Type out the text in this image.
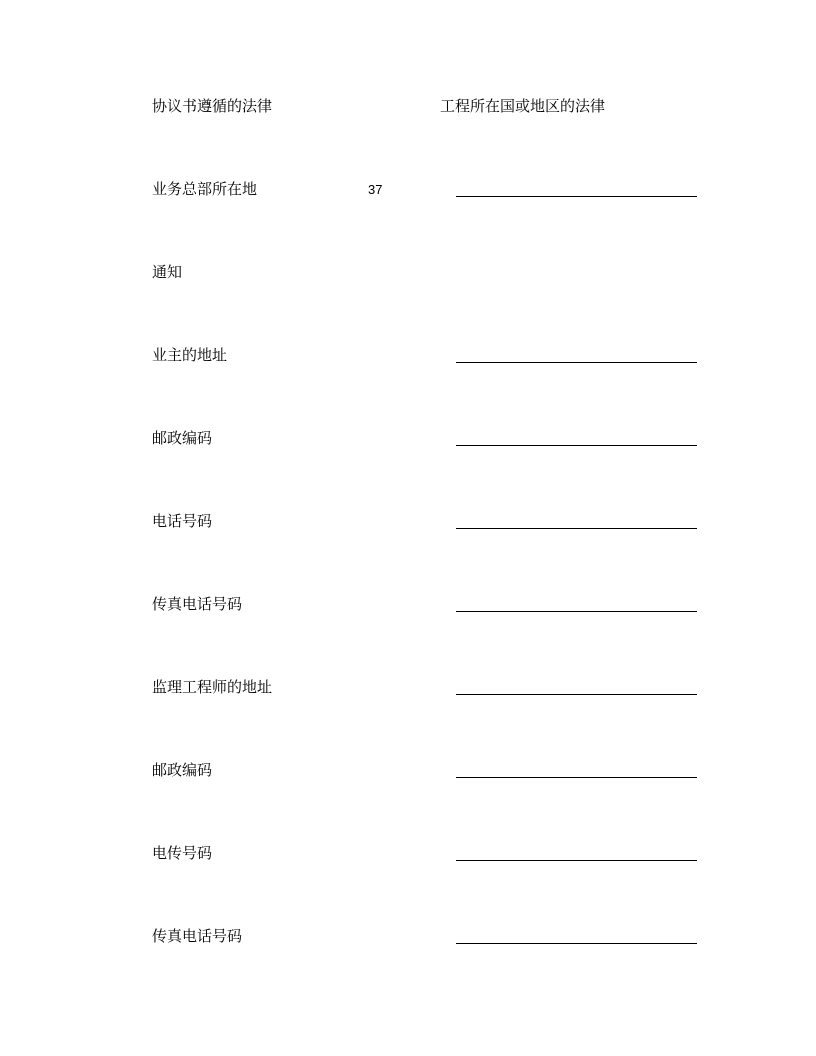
协议书遵循的法律	工程所在国或地区的法律
业务总部所在地	37
通知
业主的地址
邮政编码
电话号码
传真电话号码
监理工程师的地址
邮政编码
电传号码
传真电话号码
